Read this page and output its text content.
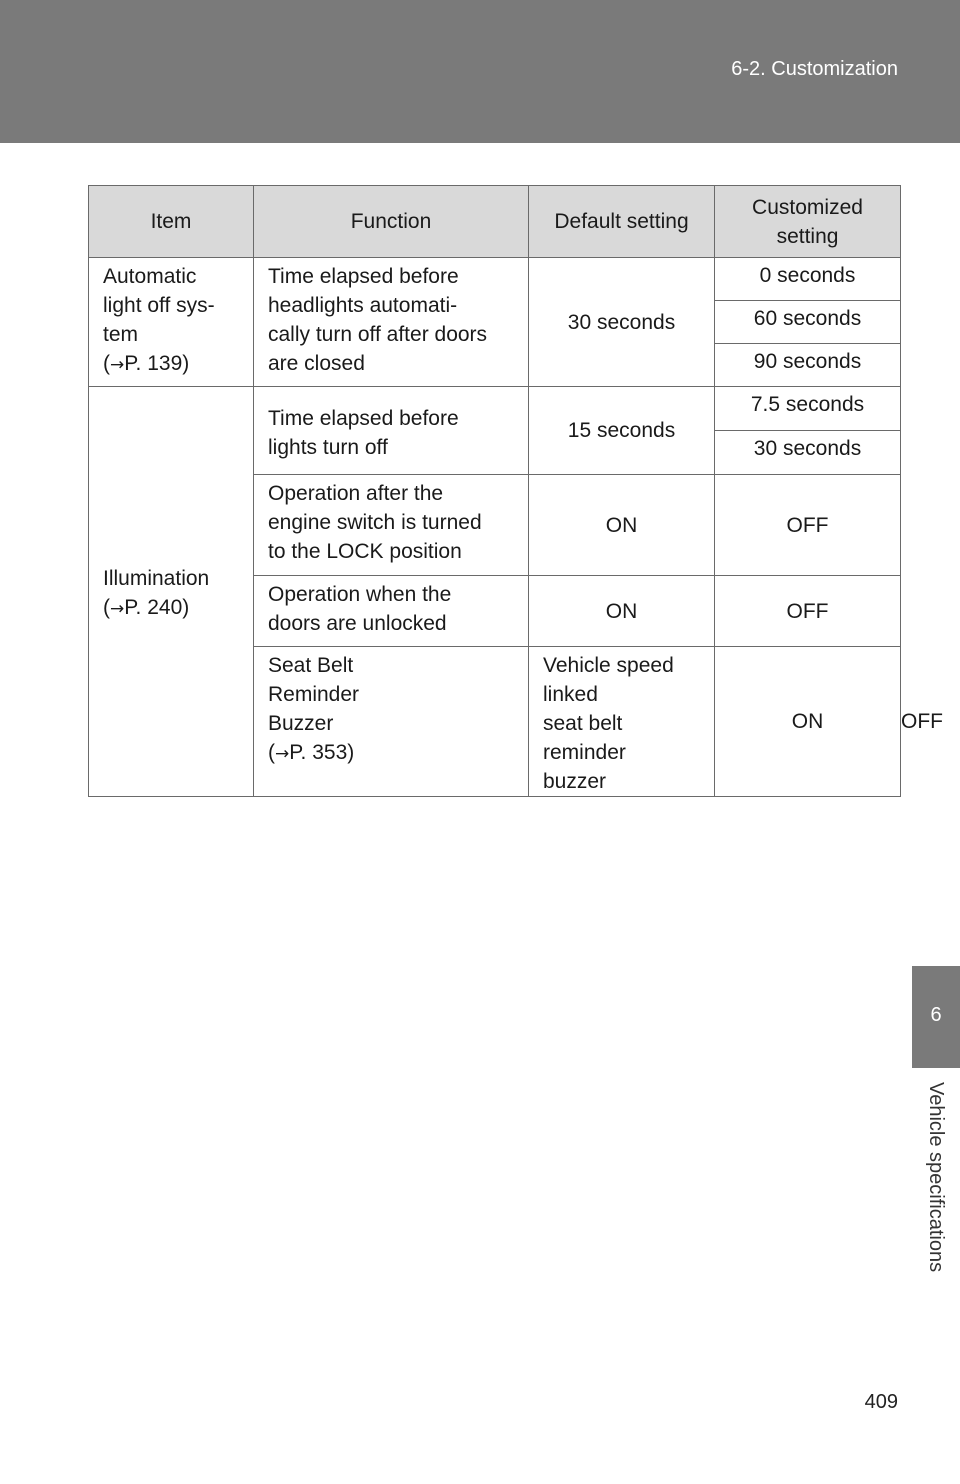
6-2. Customization
Item	Function	Default setting	Customized setting	

Automatic
light off sys-
tem
(→P. 139)	Time elapsed before
headlights automati-
cally turn off after doors
are closed	30 seconds	0 seconds	
			60 seconds	
			90 seconds	

Illumination
(→P. 240)	Time elapsed before
lights turn off	15 seconds	7.5 seconds	
			30 seconds	

	Operation after the
engine switch is turned
to the LOCK position	ON	OFF	

	Operation when the
doors are unlocked	ON	OFF	

	Seat Belt
Reminder
Buzzer
(→P. 353)	Vehicle speed linked
seat belt reminder
buzzer	ON	OFF
6
Vehicle specifications
409
